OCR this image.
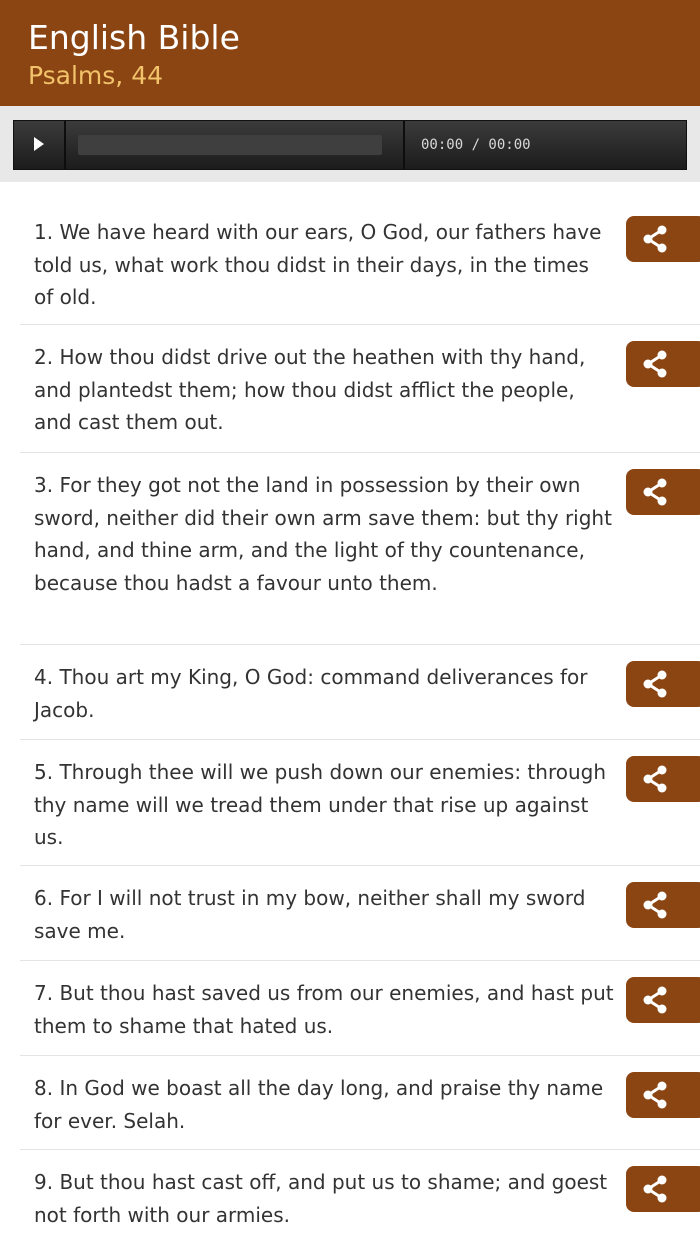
English Bible
Psalms, 44
00:00 / 00:00

1. We have heard with our ears, O God, our fathers have told us, what work thou didst in their days, in the times of old.

2. How thou didst drive out the heathen with thy hand, and plantedst them; how thou didst afflict the people, and cast them out.

3. For they got not the land in possession by their own sword, neither did their own arm save them: but thy right hand, and thine arm, and the light of thy countenance, because thou hadst a favour unto them.

4. Thou art my King, O God: command deliverances for Jacob.

5. Through thee will we push down our enemies: through thy name will we tread them under that rise up against us.

6. For I will not trust in my bow, neither shall my sword save me.

7. But thou hast saved us from our enemies, and hast put them to shame that hated us.

8. In God we boast all the day long, and praise thy name for ever. Selah.

9. But thou hast cast off, and put us to shame; and goest not forth with our armies.
